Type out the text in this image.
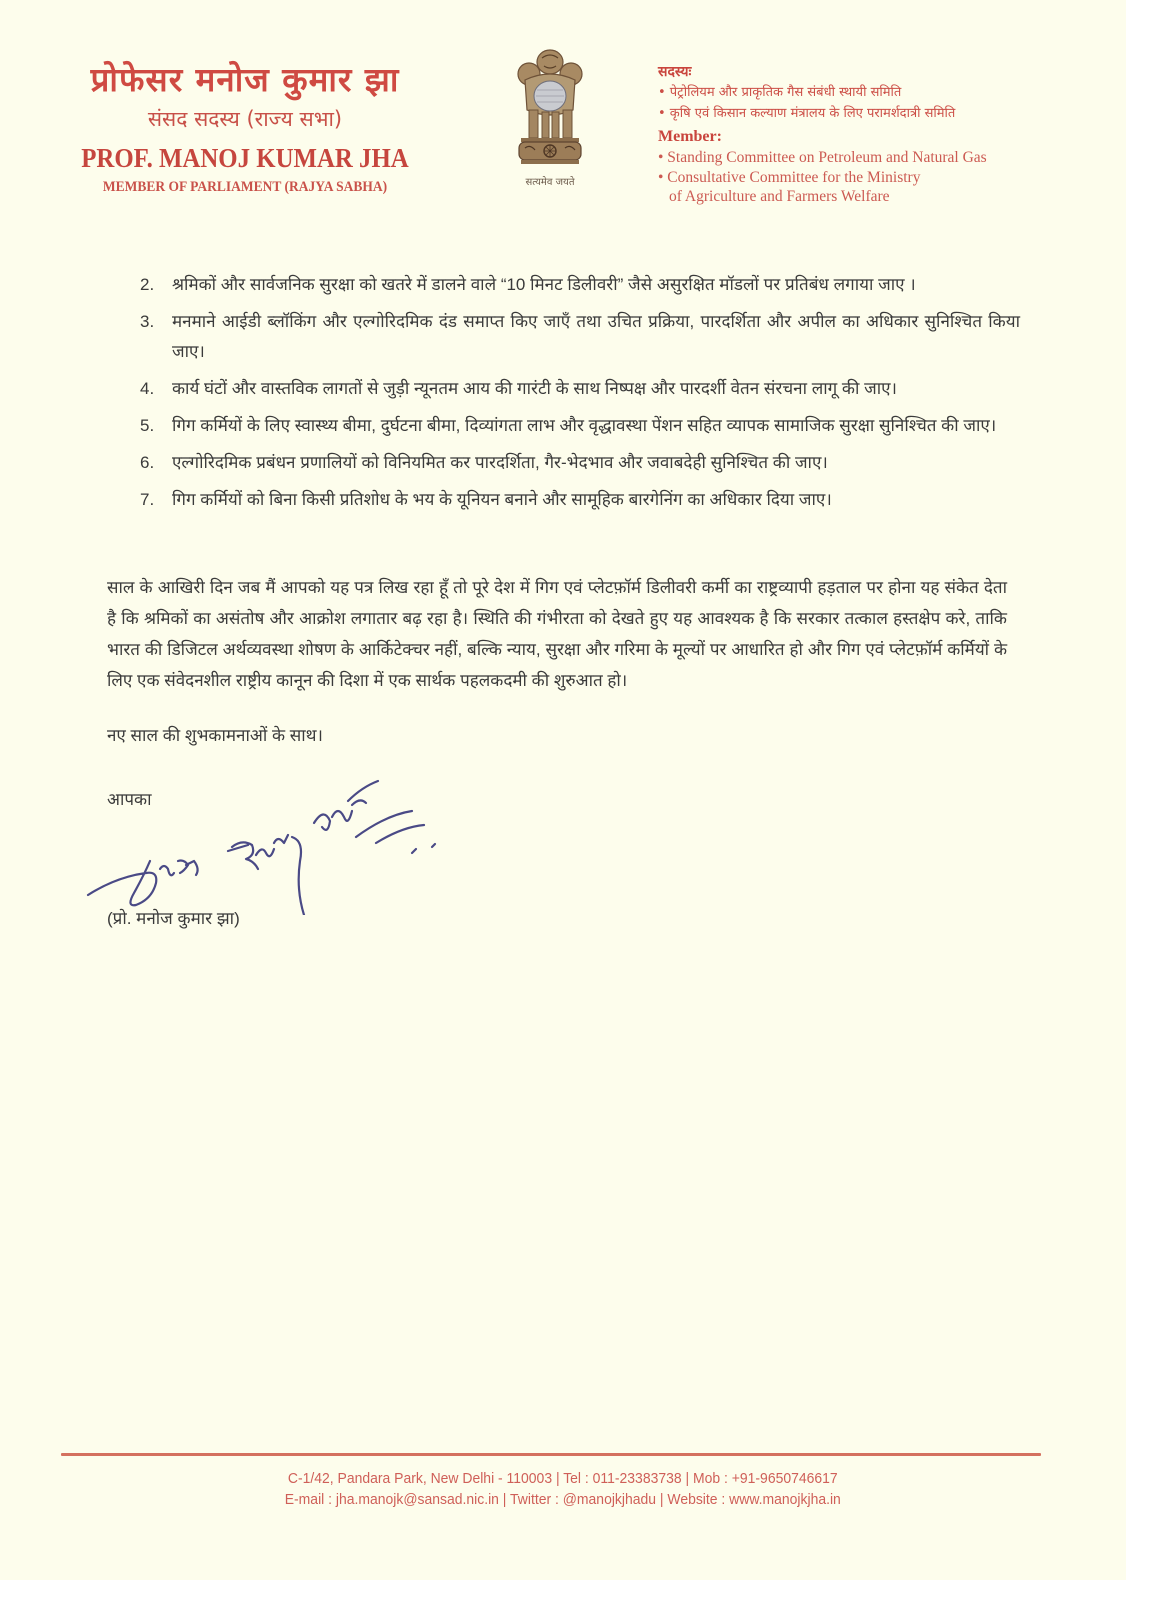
प्रोफेसर मनोज कुमार झा
संसद सदस्य (राज्य सभा)
PROF. MANOJ KUMAR JHA
MEMBER OF PARLIAMENT (RAJYA SABHA)	सत्यमेव जयते
सदस्यः
• पेट्रोलियम और प्राकृतिक गैस संबंधी स्थायी समिति
• कृषि एवं किसान कल्याण मंत्रालय के लिए परामर्शदात्री समिति
Member:
• Standing Committee on Petroleum and Natural Gas
• Consultative Committee for the Ministry
of Agriculture and Farmers Welfare
2.	श्रमिकों और सार्वजनिक सुरक्षा को खतरे में डालने वाले “10 मिनट डिलीवरी” जैसे असुरक्षित मॉडलों पर प्रतिबंध लगाया जाए ।
3.	मनमाने आईडी ब्लॉकिंग और एल्गोरिदमिक दंड समाप्त किए जाएँ तथा उचित प्रक्रिया, पारदर्शिता और अपील का अधिकार सुनिश्चित किया जाए।
4.	कार्य घंटों और वास्तविक लागतों से जुड़ी न्यूनतम आय की गारंटी के साथ निष्पक्ष और पारदर्शी वेतन संरचना लागू की जाए।
5.	गिग कर्मियों के लिए स्वास्थ्य बीमा, दुर्घटना बीमा, दिव्यांगता लाभ और वृद्धावस्था पेंशन सहित व्यापक सामाजिक सुरक्षा सुनिश्चित की जाए।
6.	एल्गोरिदमिक प्रबंधन प्रणालियों को विनियमित कर पारदर्शिता, गैर-भेदभाव और जवाबदेही सुनिश्चित की जाए।
7.	गिग कर्मियों को बिना किसी प्रतिशोध के भय के यूनियन बनाने और सामूहिक बारगेनिंग का अधिकार दिया जाए।
साल के आखिरी दिन जब मैं आपको यह पत्र लिख रहा हूँ तो पूरे देश में गिग एवं प्लेटफ़ॉर्म डिलीवरी कर्मी का राष्ट्रव्यापी हड़ताल पर होना यह संकेत देता है कि श्रमिकों का असंतोष और आक्रोश लगातार बढ़ रहा है। स्थिति की गंभीरता को देखते हुए यह आवश्यक है कि सरकार तत्काल हस्तक्षेप करे, ताकि भारत की डिजिटल अर्थव्यवस्था शोषण के आर्किटेक्चर नहीं, बल्कि न्याय, सुरक्षा और गरिमा के मूल्यों पर आधारित हो और गिग एवं प्लेटफ़ॉर्म कर्मियों के लिए एक संवेदनशील राष्ट्रीय कानून की दिशा में एक सार्थक पहलकदमी की शुरुआत हो।
नए साल की शुभकामनाओं के साथ।
आपका
(प्रो. मनोज कुमार झा)
C-1/42, Pandara Park, New Delhi - 110003 | Tel : 011-23383738 | Mob : +91-9650746617
E-mail : jha.manojk@sansad.nic.in | Twitter : @manojkjhadu | Website : www.manojkjha.in
